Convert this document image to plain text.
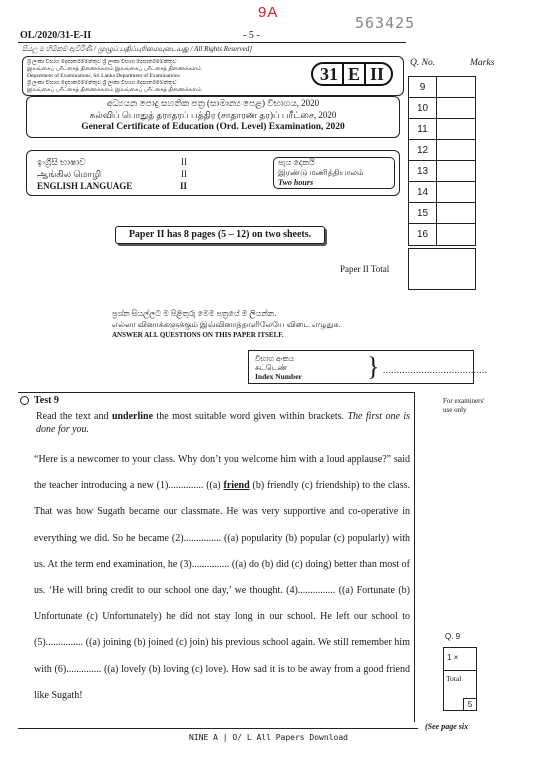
9A
563425
OL/2020/31-E-II	- 5 -
සියලු ම හිමිකම් ඇවිරිණි / முழுப் பதிப்புரிமையுடையது / All Rights Reserved]
ශ්‍රී ලංකා විභාග දෙපාර්තමේන්තුව ශ්‍රී ලංකා විභාග දෙපාර්තමේන්තුව
இலங்கைப் பரீட்சைத் திணைக்களம் இலங்கைப் பரீட்சைத் திணைக்களம்
Department of Examinations, Sri Lanka Department of Examinations
ශ්‍රී ලංකා විභාග දෙපාර්තමේන්තුව ශ්‍රී ලංකා විභාග දෙපාර්තමේන්තුව
இலங்கைப் பரீட்சைத் திணைக்களம் இலங்கைப் பரீட்சைத் திணைக்களம்
31 E II
අධ්‍යයන පොදු සහතික පත්‍ර (සාමාන්‍ය පෙළ) විභාගය, 2020
கல்விப் பொதுத் தராதரப் பத்திர (சாதாரண தர)ப் பரீட்சை, 2020
General Certificate of Education (Ord. Level) Examination, 2020
ඉංග්‍රීසි භාෂාව	II
ஆங்கில மொழி	II
ENGLISH LANGUAGE	II
පැය දෙකයි
இரண்டு மணித்தியாலம்
Two hours
Paper II has 8 pages (5 – 12) on two sheets.
Q. No.	Marks
9
10
11
12
13
14
15
16
Paper II Total
ප්‍රශ්න සියල්ලට ම පිළිතුරු මෙම පත්‍රයේ ම ලියන්න.
எல்லா வினாக்களுக்கும் இவ்வினாத்தாளிலேயே விடை எழுதுக.
ANSWER ALL QUESTIONS ON THIS PAPER ITSELF.
විභාග අංකය
சுட்டெண்
Index Number	} ......................................
For examiners' use only
Test 9
Read the text and underline the most suitable word given within brackets. The first one is done for you.
“Here is a newcomer to your class. Why don’t you welcome him with a loud applause?” said the teacher introducing a new (1).............. ((a) friend (b) friendly (c) friendship) to the class. That was how Sugath became our classmate. He was very supportive and co-operative in everything we did. So he became (2)............... ((a) popularity (b) popular (c) popularly) with us. At the term end examination, he (3)............... ((a) do (b) did (c) doing) better than most of us. ‘He will bring credit to our school one day,’ we thought. (4)............... ((a) Fortunate (b) Unfortunate (c) Unfortunately) he did not stay long in our school. He left our school to (5)............... ((a) joining (b) joined (c) join) his previous school again. We still remember him with (6).............. ((a) lovely (b) loving (c) love). How sad it is to be away from a good friend like Sugath!
Q. 9
1 ×
Total
5
(See page six
NINE A | O/ L All Papers Download
